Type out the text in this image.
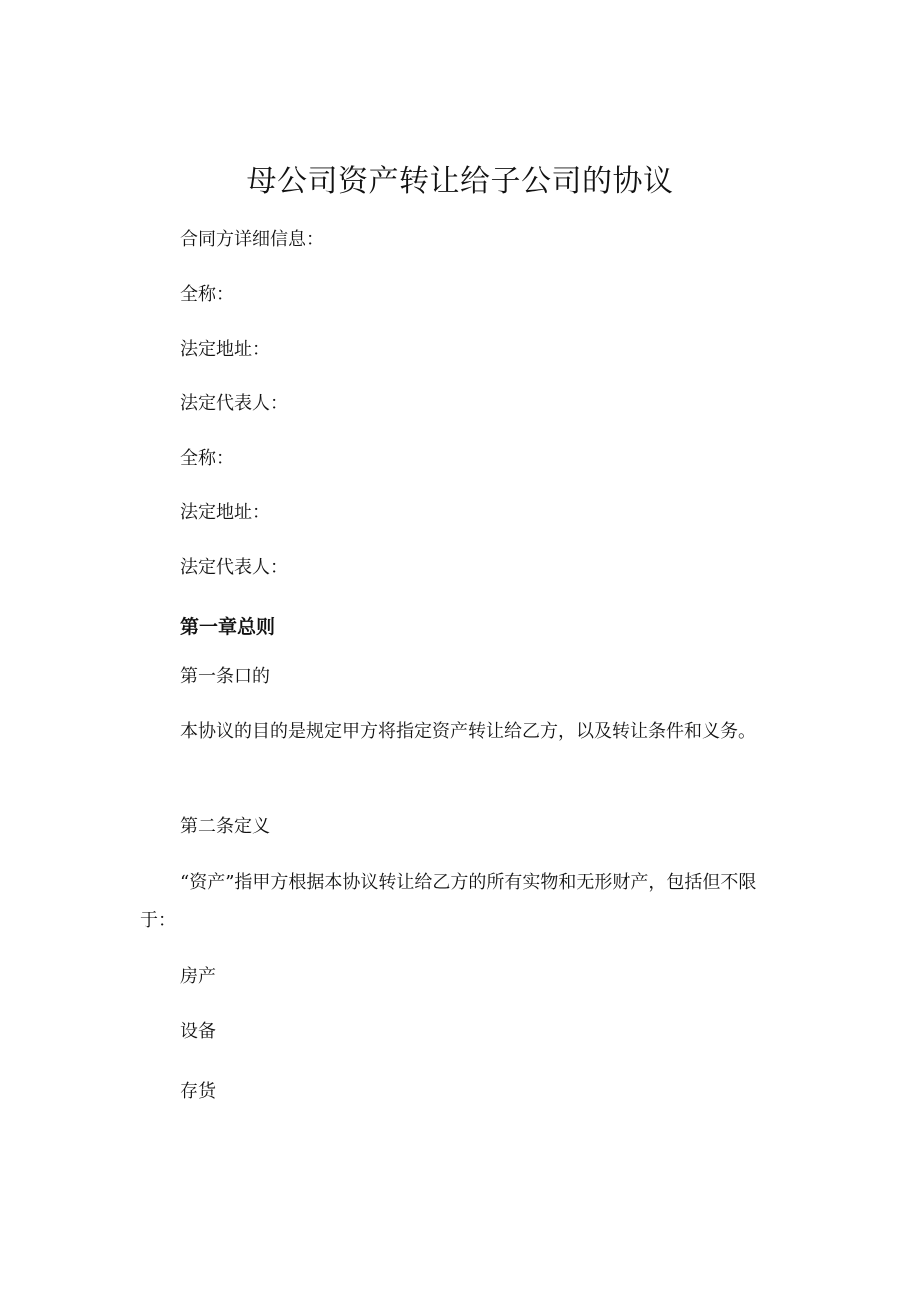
母公司资产转让给子公司的协议
合同方详细信息：
全称：
法定地址：
法定代表人：
全称：
法定地址：
法定代表人：
第一章总则
第一条口的
本协议的目的是规定甲方将指定资产转让给乙方，以及转让条件和义务。
第二条定义
“资产”指甲方根据本协议转让给乙方的所有实物和无形财产，包括但不限于：
房产
设备
存货
